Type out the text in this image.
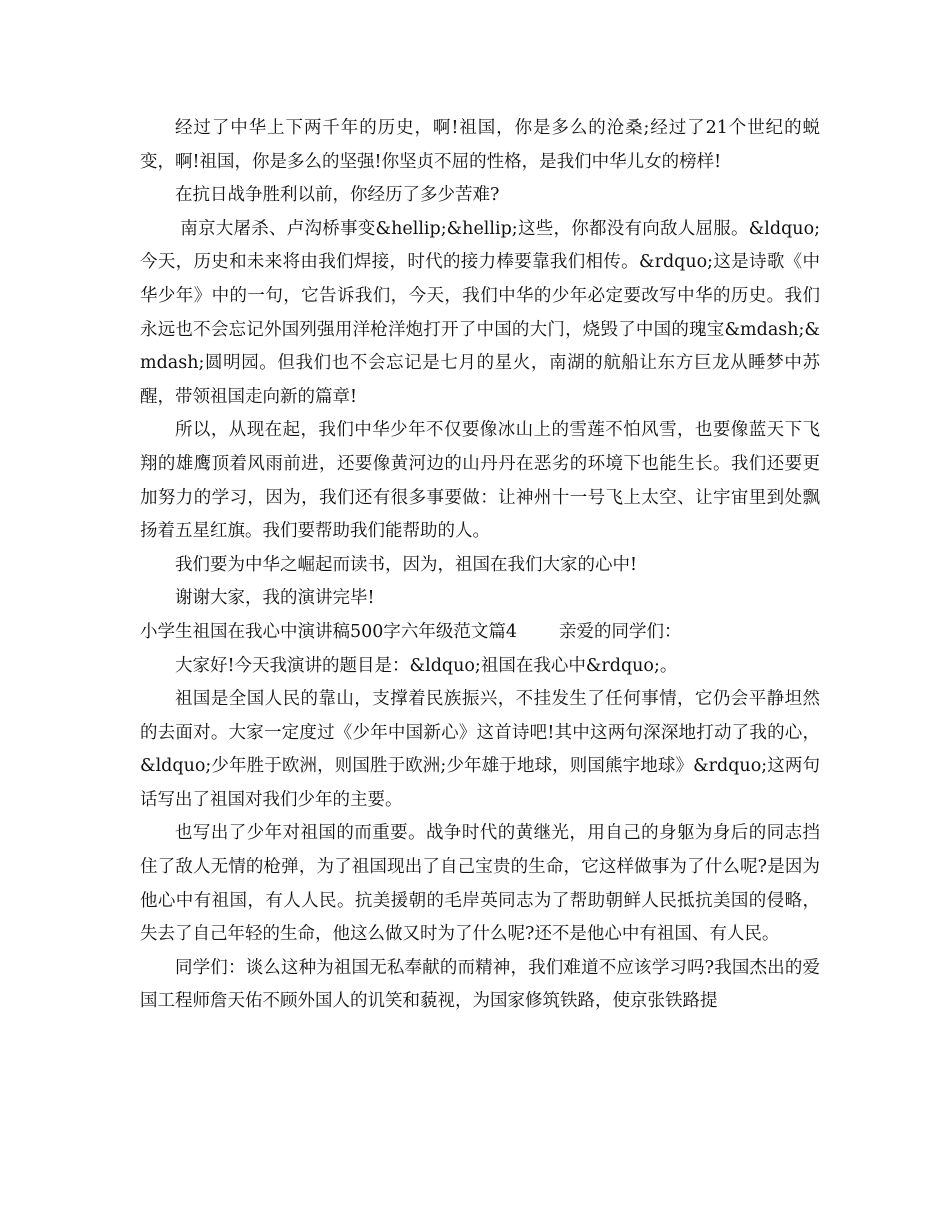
经过了中华上下两千年的历史，啊!祖国，你是多么的沧桑;经过了21个世纪的蜕变，啊!祖国，你是多么的坚强!你坚贞不屈的性格，是我们中华儿女的榜样!

在抗日战争胜利以前，你经历了多少苦难?

南京大屠杀、卢沟桥事变&hellip;&hellip;这些，你都没有向敌人屈服。&ldquo;今天，历史和未来将由我们焊接，时代的接力棒要靠我们相传。&rdquo;这是诗歌《中华少年》中的一句，它告诉我们，今天，我们中华的少年必定要改写中华的历史。我们永远也不会忘记外国列强用洋枪洋炮打开了中国的大门，烧毁了中国的瑰宝&mdash;&mdash;圆明园。但我们也不会忘记是七月的星火，南湖的航船让东方巨龙从睡梦中苏醒，带领祖国走向新的篇章!

所以，从现在起，我们中华少年不仅要像冰山上的雪莲不怕风雪，也要像蓝天下飞翔的雄鹰顶着风雨前进，还要像黄河边的山丹丹在恶劣的环境下也能生长。我们还要更加努力的学习，因为，我们还有很多事要做：让神州十一号飞上太空、让宇宙里到处飘扬着五星红旗。我们要帮助我们能帮助的人。

我们要为中华之崛起而读书，因为，祖国在我们大家的心中!

谢谢大家，我的演讲完毕!

小学生祖国在我心中演讲稿500字六年级范文篇4 亲爱的同学们：

大家好!今天我演讲的题目是：&ldquo;祖国在我心中&rdquo;。

祖国是全国人民的靠山，支撑着民族振兴，不挂发生了任何事情，它仍会平静坦然的去面对。大家一定度过《少年中国新心》这首诗吧!其中这两句深深地打动了我的心，&ldquo;少年胜于欧洲，则国胜于欧洲;少年雄于地球，则国熊宇地球》&rdquo;这两句话写出了祖国对我们少年的主要。

也写出了少年对祖国的而重要。战争时代的黄继光，用自己的身躯为身后的同志挡住了敌人无情的枪弹，为了祖国现出了自己宝贵的生命，它这样做事为了什么呢?是因为他心中有祖国，有人人民。抗美援朝的毛岸英同志为了帮助朝鲜人民抵抗美国的侵略，失去了自己年轻的生命，他这么做又时为了什么呢?还不是他心中有祖国、有人民。

同学们：谈么这种为祖国无私奉献的而精神，我们难道不应该学习吗?我国杰出的爱国工程师詹天佑不顾外国人的讥笑和藐视，为国家修筑铁路，使京张铁路提
